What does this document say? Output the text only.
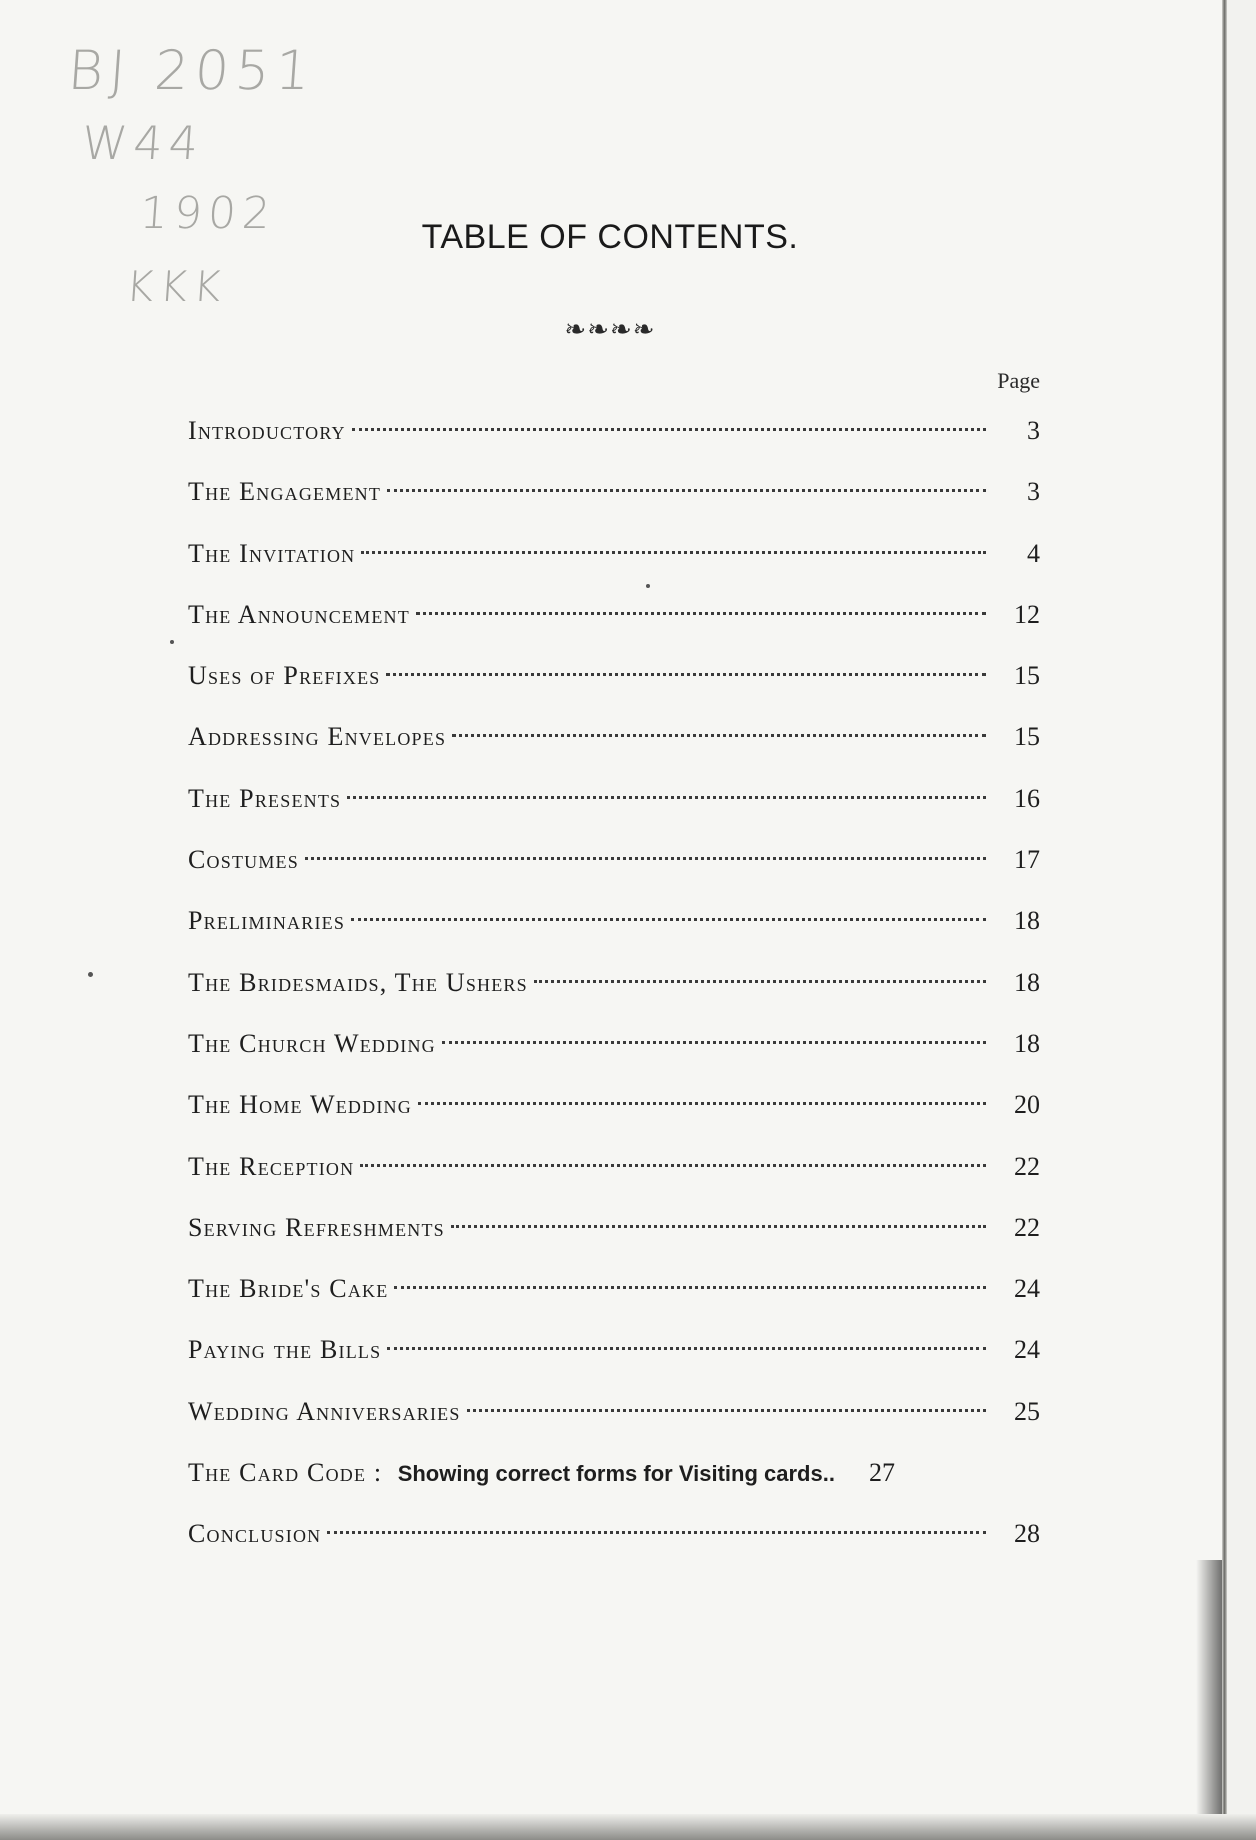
BJ 2051
W44
1902
KKK
TABLE OF CONTENTS.
❧❧❧❧
Page
Introductory	3
The Engagement	3
The Invitation	4
The Announcement	12
Uses of Prefixes	15
Addressing Envelopes	15
The Presents	16
Costumes	17
Preliminaries	18
The Bridesmaids, The Ushers	18
The Church Wedding	18
The Home Wedding	20
The Reception	22
Serving Refreshments	22
The Bride's Cake	24
Paying the Bills	24
Wedding Anniversaries	25
The Card Code : Showing correct forms for Visiting cards..	27
Conclusion	28
